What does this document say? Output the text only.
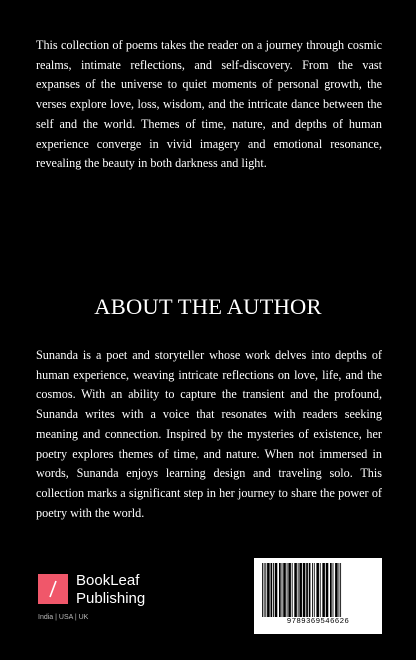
This collection of poems takes the reader on a journey through cosmic realms, intimate reflections, and self-discovery. From the vast expanses of the universe to quiet moments of personal growth, the verses explore love, loss, wisdom, and the intricate dance between the self and the world. Themes of time, nature, and depths of human experience converge in vivid imagery and emotional resonance, revealing the beauty in both darkness and light.

ABOUT THE AUTHOR

Sunanda is a poet and storyteller whose work delves into depths of human experience, weaving intricate reflections on love, life, and the cosmos. With an ability to capture the transient and the profound, Sunanda writes with a voice that resonates with readers seeking meaning and connection. Inspired by the mysteries of existence, her poetry explores themes of time, and nature. When not immersed in words, Sunanda enjoys learning design and traveling solo. This collection marks a significant step in her journey to share the power of poetry with the world.

BookLeaf
Publishing
India | USA | UK
9789369546626
